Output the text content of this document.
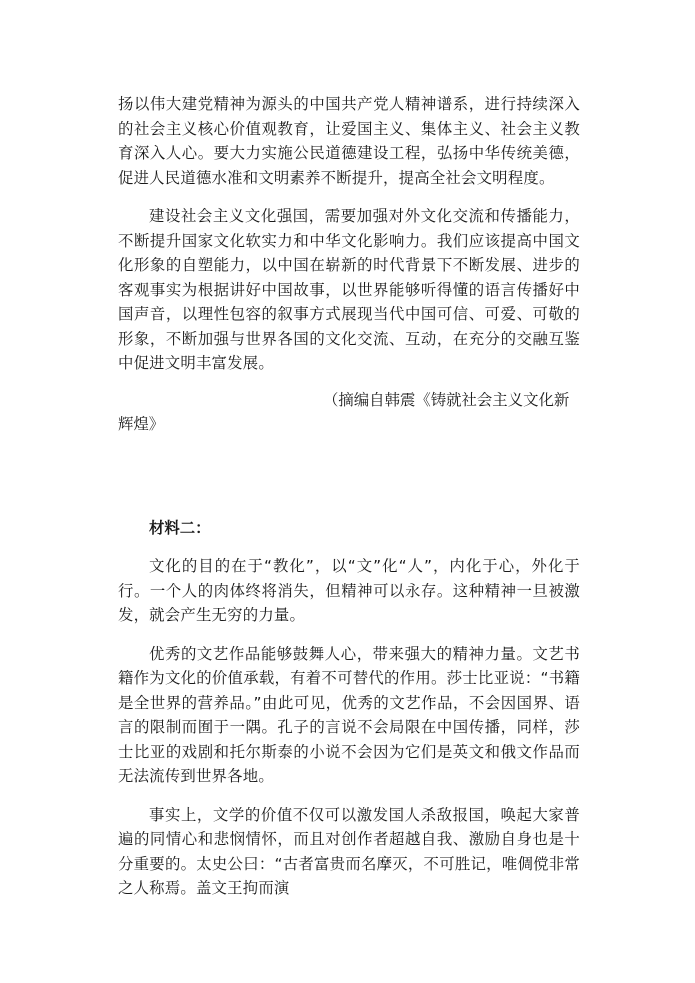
扬以伟大建党精神为源头的中国共产党人精神谱系，进行持续深入的社会主义核心价值观教育，让爱国主义、集体主义、社会主义教育深入人心。要大力实施公民道德建设工程，弘扬中华传统美德，促进人民道德水准和文明素养不断提升，提高全社会文明程度。

建设社会主义文化强国，需要加强对外文化交流和传播能力，不断提升国家文化软实力和中华文化影响力。我们应该提高中国文化形象的自塑能力，以中国在崭新的时代背景下不断发展、进步的客观事实为根据讲好中国故事，以世界能够听得懂的语言传播好中国声音，以理性包容的叙事方式展现当代中国可信、可爱、可敬的形象，不断加强与世界各国的文化交流、互动，在充分的交融互鉴中促进文明丰富发展。

（摘编自韩震《铸就社会主义文化新辉煌》

材料二：

文化的目的在于“教化”，以“文”化“人”，内化于心，外化于行。一个人的肉体终将消失，但精神可以永存。这种精神一旦被激发，就会产生无穷的力量。

优秀的文艺作品能够鼓舞人心，带来强大的精神力量。文艺书籍作为文化的价值承载，有着不可替代的作用。莎士比亚说：“书籍是全世界的营养品。”由此可见，优秀的文艺作品，不会因国界、语言的限制而囿于一隅。孔子的言说不会局限在中国传播，同样，莎士比亚的戏剧和托尔斯泰的小说不会因为它们是英文和俄文作品而无法流传到世界各地。

事实上，文学的价值不仅可以激发国人杀敌报国，唤起大家普遍的同情心和悲悯情怀，而且对创作者超越自我、激励自身也是十分重要的。太史公曰：“古者富贵而名摩灭，不可胜记，唯倜傥非常之人称焉。盖文王拘而演
